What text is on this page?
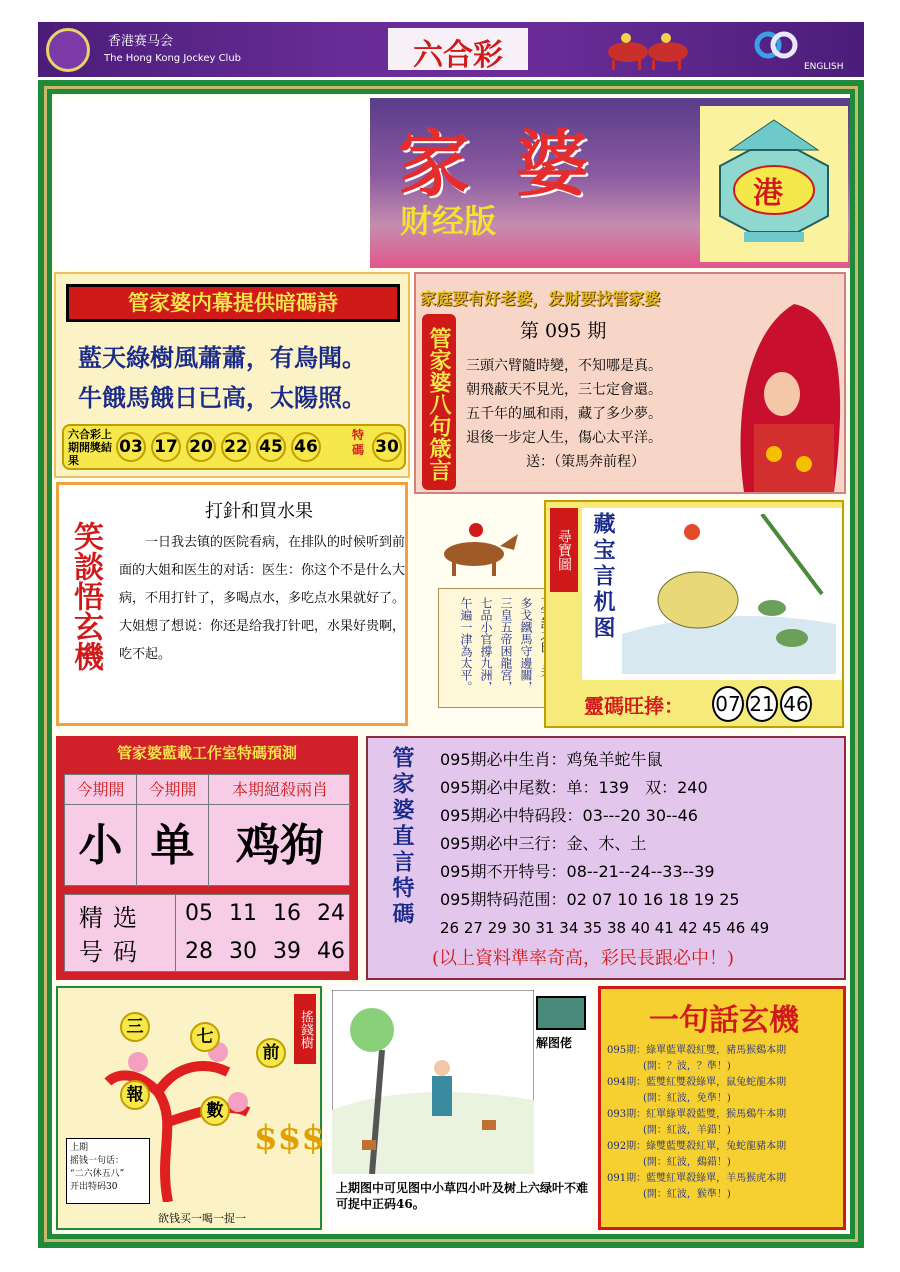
香港赛马会
The Hong Kong Jockey Club	六合彩	ENGLISH
家婆
财经版
港
管家婆内幕提供暗碼詩
藍天綠樹風蕭蕭，有鳥聞。
牛餓馬餓日已高，太陽照。
六合彩上期開獎結果
03 17 20 22 45 46
特碼 30
家庭要有好老婆，发财要找管家婆
管家婆八句箴言	第 095 期
三頭六臂隨時變，不知哪是真。
朝飛蔽天不見光，三七定會還。
五千年的風和雨，藏了多少夢。
退後一步定人生，傷心太平洋。
送：（策馬奔前程）
笑談悟玄機
打針和買水果
一日我去镇的医院看病，在排队的时候听到前面的大姐和医生的对话：医生：你这个不是什么大病，不用打针了，多喝点水，多吃点水果就好了。大姐想了想说：你还是给我打针吧，水果好贵啊，吃不起。	多戈鐵馬守邊關，
三皇五帝困龍宮，
七品小官撐九洲，
午遍一津為太平。
尋寶圖 藏宝言机图
靈碼旺捧： 07 21 46
管家婆藍載工作室特碼預測
今期開	今期開	本期絕殺兩肖
小 单 鸡狗
精选号码
05 11 16 24
28 30 39 46
管家婆直言特碼 095期必中生肖：鸡兔羊蛇牛鼠
095期必中尾数：单：139　双：240
095期必中特码段：03---20 30--46
095期必中三行：金、木、土
095期不开特号：08--21--24--33--39
095期特码范围：02 07 10 16 18 19 25
26 27 29 30 31 34 35 38 40 41 42 45 46 49
(以上資料準率奇高，彩民長跟必中！)
搖錢樹
三	七
前
報
數
$$$
上期
摇钱一句话：
“二六休五八”
开出特码30
欲钱买一喝一捉一
解图佬
上期图中可见图中小草四小叶及树上六绿叶不难可捉中正码46。
一句話玄機
095期：綠單藍單殺紅雙，豬馬猴鷄本期
(開：？波，？準！)
094期：藍雙紅雙殺綠單，鼠兔蛇龍本期
(開：紅波，免準！)
093期：紅單綠單殺藍雙，猴馬鷄牛本期
(開：紅波，羊錯！)
092期：綠雙藍雙殺紅單，兔蛇龍豬本期
(開：紅波，鷄錯！)
091期：藍雙紅單殺綠單，羊馬猴虎本期
(開：紅波，猴準！)
